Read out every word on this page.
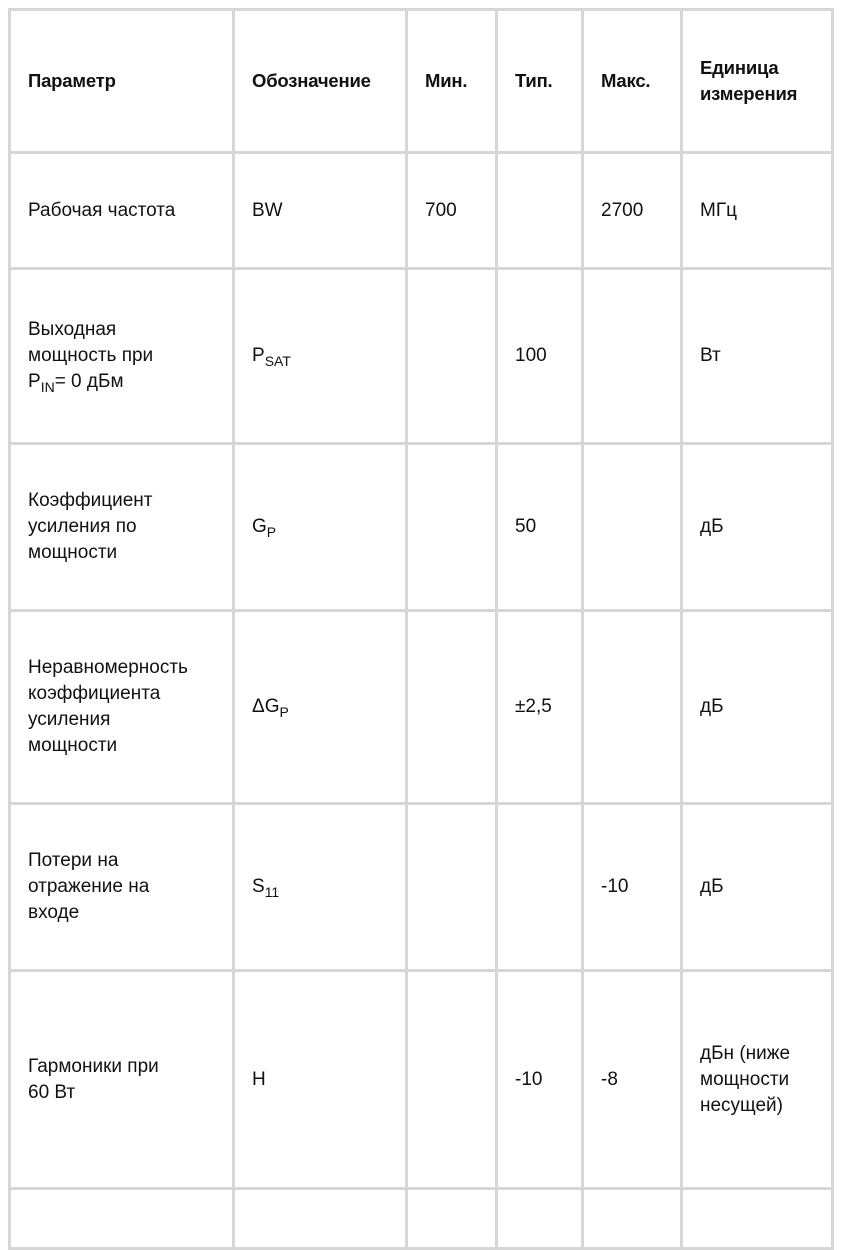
Параметр	Обозначение	Мин.	Тип.	Макс.	Единица
измерения
Рабочая частота	BW	700		2700	МГц
Выходная
мощность при
$P_{IN}= 0$ дБм	$P_{SAT}$		100		Вт
Коэффициент
усиления по
мощности	$G_P$		50		дБ
Неравномерность
коэффициента
усиления
мощности	$\Delta G_P$		±2,5		дБ
Потери на
отражение на
входе	$S_{11}$			-10	дБ
Гармоники при
60 Вт	H		-10	-8	дБн (ниже
мощности
несущей)
